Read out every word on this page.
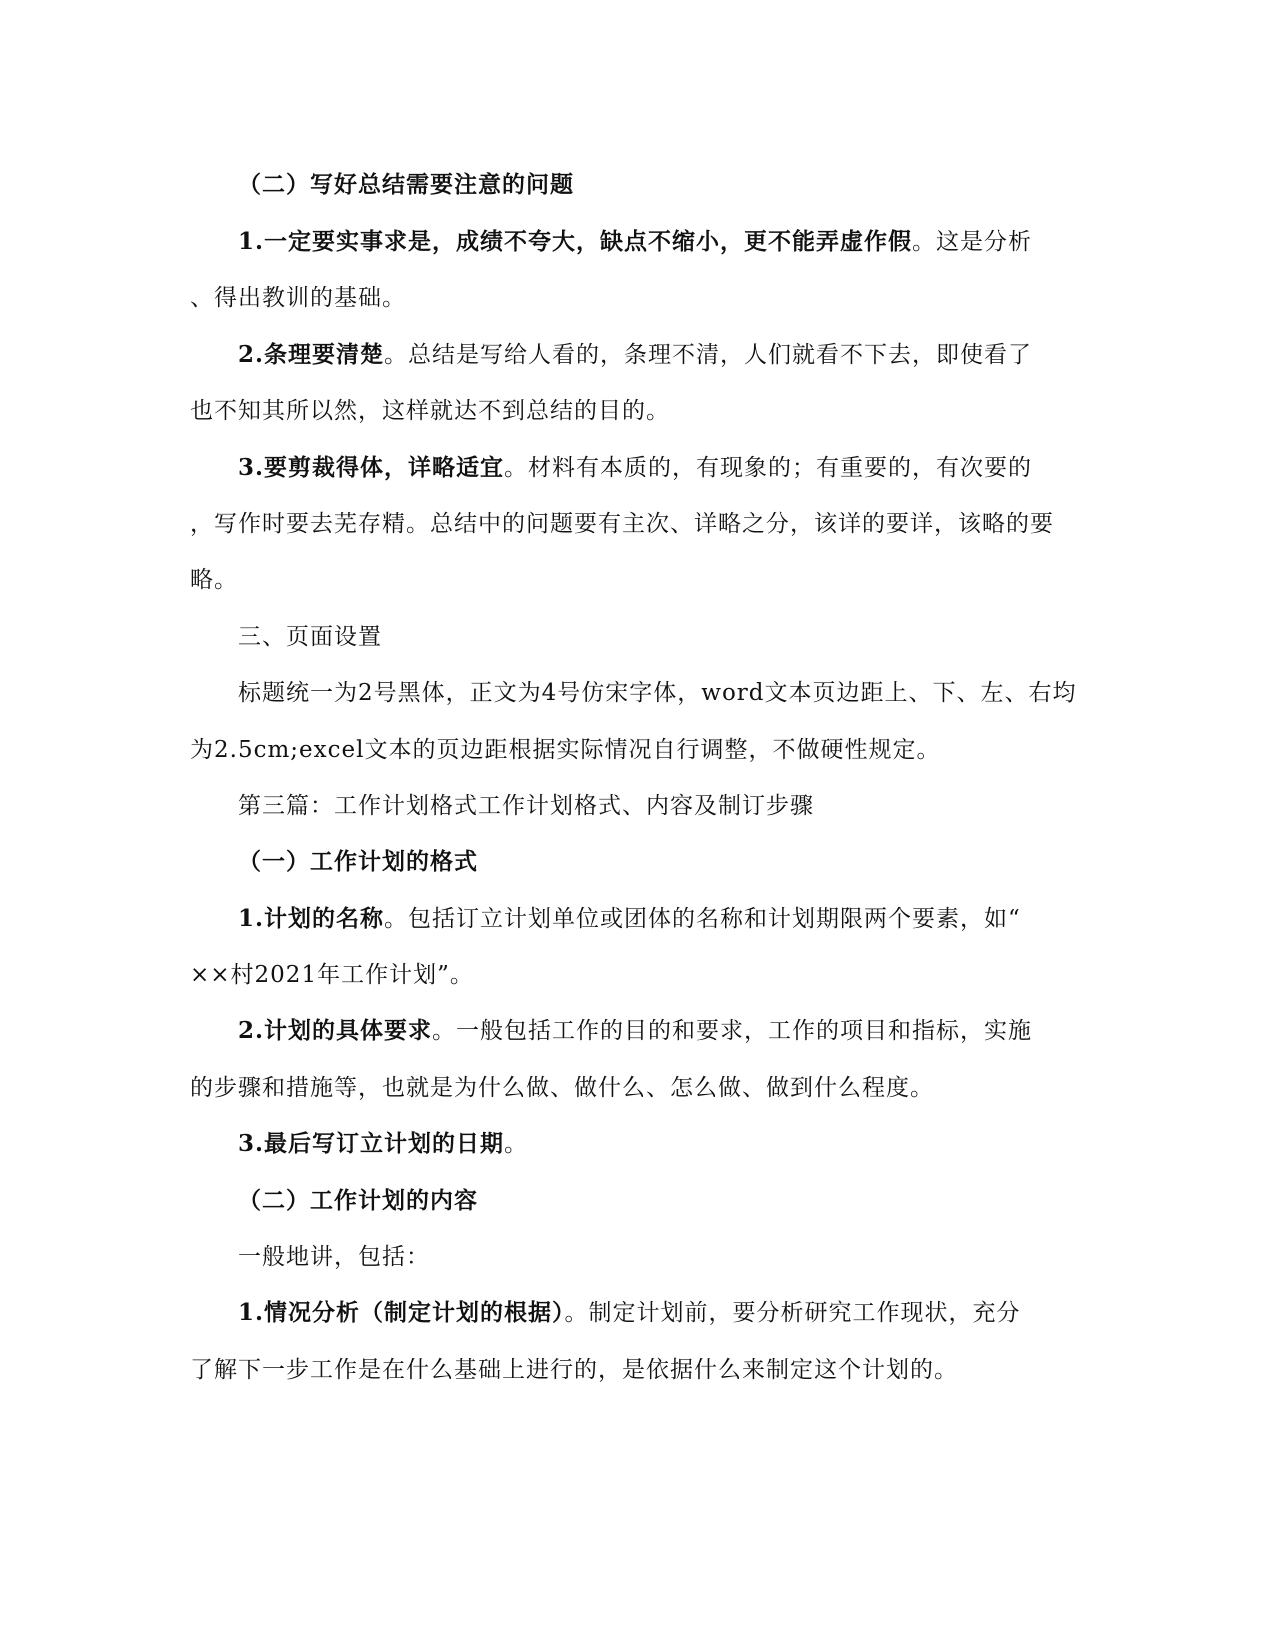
（二）写好总结需要注意的问题
1.一定要实事求是，成绩不夸大，缺点不缩小，更不能弄虚作假。这是分析
、得出教训的基础。
2.条理要清楚。总结是写给人看的，条理不清，人们就看不下去，即使看了
也不知其所以然，这样就达不到总结的目的。
3.要剪裁得体，详略适宜。材料有本质的，有现象的；有重要的，有次要的
，写作时要去芜存精。总结中的问题要有主次、详略之分，该详的要详，该略的要
略。
三、页面设置
标题统一为2号黑体，正文为4号仿宋字体，word文本页边距上、下、左、右均
为2.5cm;excel文本的页边距根据实际情况自行调整，不做硬性规定。
第三篇：工作计划格式工作计划格式、内容及制订步骤
（一）工作计划的格式
1.计划的名称。包括订立计划单位或团体的名称和计划期限两个要素，如“
××村2021年工作计划”。
2.计划的具体要求。一般包括工作的目的和要求，工作的项目和指标，实施
的步骤和措施等，也就是为什么做、做什么、怎么做、做到什么程度。
3.最后写订立计划的日期。
（二）工作计划的内容
一般地讲，包括：
1.情况分析（制定计划的根据）。制定计划前，要分析研究工作现状，充分
了解下一步工作是在什么基础上进行的，是依据什么来制定这个计划的。
